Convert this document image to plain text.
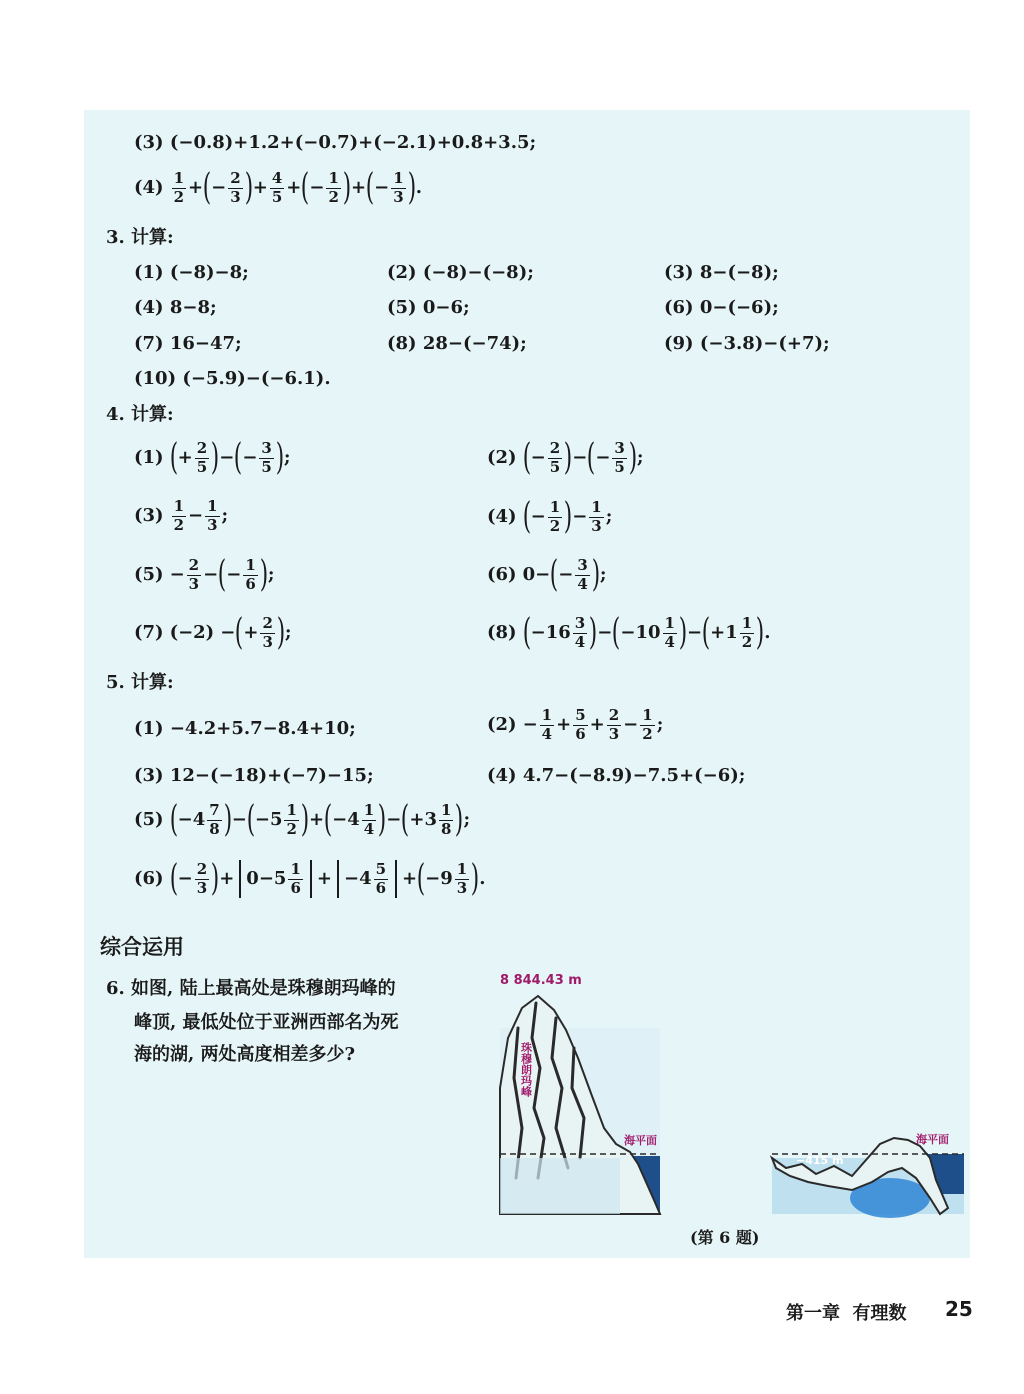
(3) (−0.8)+1.2+(−0.7)+(−2.1)+0.8+3.5;
$(4) \frac{1}{2}$ + ( − $\frac{2}{3}$ ) + $\frac{4}{5}$ + ( − $\frac{1}{2}$ ) + ( − $\frac{1}{3}$ ) .
3. 计算:
(1) (−8)−8;	(2) (−8)−(−8);	(3) 8−(−8);
(4) 8−8;	(5) 0−6;	(6) 0−(−6);
(7) 16−47;	(8) 28−(−74);	(9) (−3.8)−(+7);
(10) (−5.9)−(−6.1).
4. 计算:
(1) ( + $\frac{2}{5}$ ) − ( − $\frac{3}{5}$ ) ;	(2) ( − $\frac{2}{5}$ ) − ( − $\frac{3}{5}$ ) ;
$(3) \frac{1}{2} - \frac{1}{3}$ ;	(4) ( − $\frac{1}{2}$ ) − $\frac{1}{3}$ ;
$(5) - \frac{2}{3}$ − ( − $\frac{1}{6}$ ) ;	(6) 0 − ( − $\frac{3}{4}$ ) ;
(7) (−2) − ( + $\frac{2}{3}$ ) ;	(8) ( − $16 \frac{3}{4}$ ) − ( − $10 \frac{1}{4}$ ) − ( + $1 \frac{1}{2}$ ) .
5. 计算:
(1) −4.2+5.7−8.4+10;	$(2) - \frac{1}{4} + \frac{5}{6} + \frac{2}{3} - \frac{1}{2}$ ;
(3) 12−(−18)+(−7)−15;	(4) 4.7−(−8.9)−7.5+(−6);
(5) ( − $4 \frac{7}{8}$ ) − ( − $5 \frac{1}{2}$ ) + ( − $4 \frac{1}{4}$ ) − ( + $3 \frac{1}{8}$ ) ;
(6) ( − $\frac{2}{3}$ ) + $0 - 5 \frac{1}{6}$ + − $4 \frac{5}{6}$ + ( − $9 \frac{1}{3}$ ) .
综合运用
6. 如图, 陆上最高处是珠穆朗玛峰的
峰顶, 最低处位于亚洲西部名为死
海的湖, 两处高度相差多少?
8 844.43 m
海平面
珠穆朗玛峰
−415 m
海平面
(第 6 题)
第一章 有理数 25
